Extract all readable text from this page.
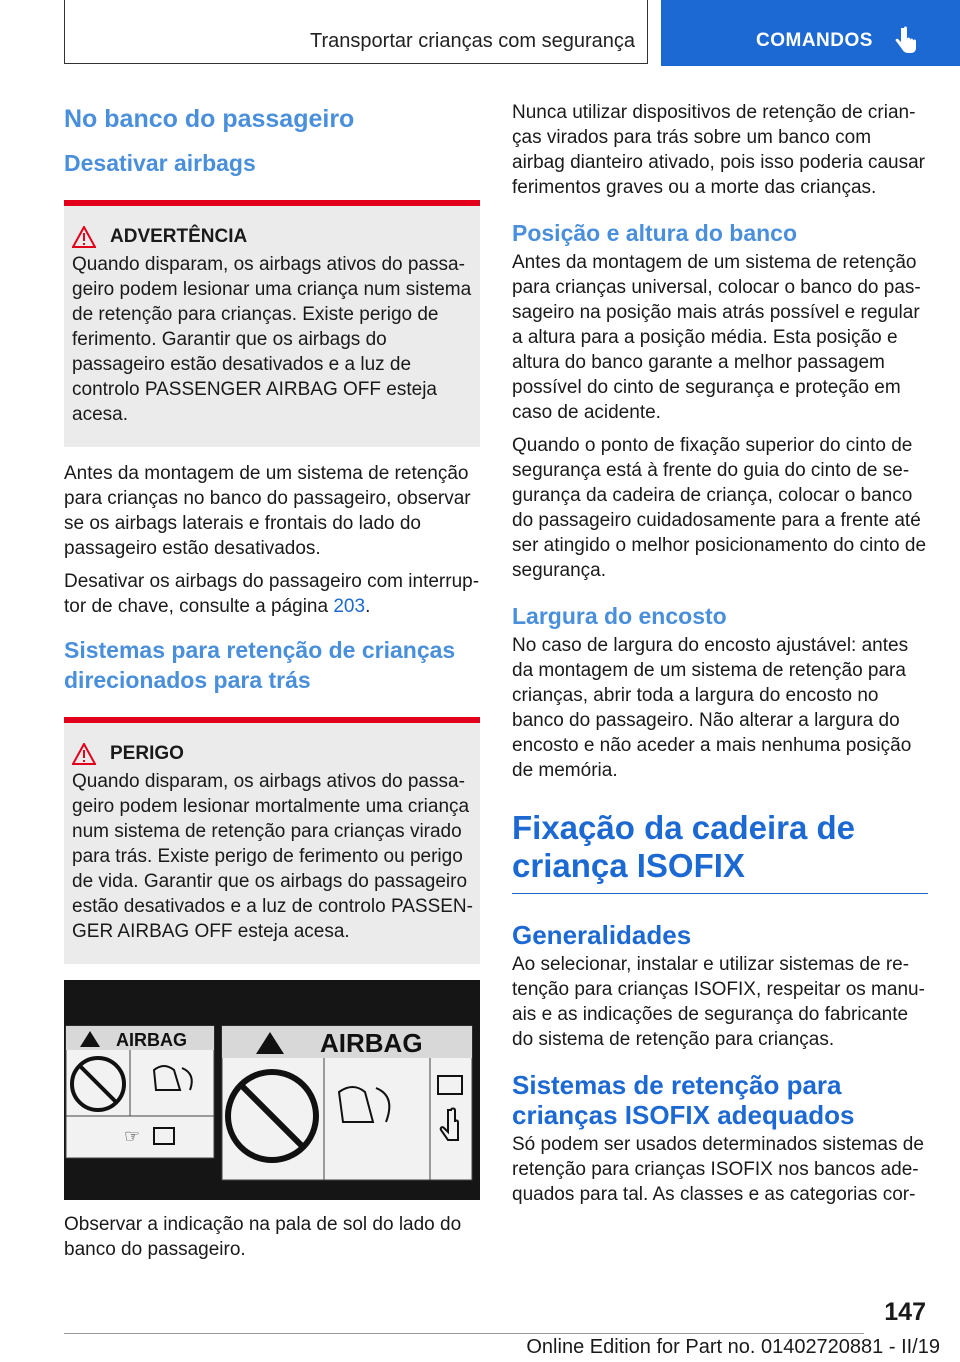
Transportar crianças com segurança	COMANDOS
No banco do passageiro
Desativar airbags
ADVERTÊNCIA

Quando disparam, os airbags ativos do passageiro podem lesionar uma criança num sistema de retenção para crianças. Existe perigo de ferimento. Garantir que os airbags do passageiro estão desativados e a luz de controlo PASSENGER AIRBAG OFF esteja acesa.

Antes da montagem de um sistema de retenção para crianças no banco do passageiro, observar se os airbags laterais e frontais do lado do passageiro estão desativados.

Desativar os airbags do passageiro com interruptor de chave, consulte a página 203.

Sistemas para retenção de crianças direcionados para trás
PERIGO

Quando disparam, os airbags ativos do passageiro podem lesionar mortalmente uma criança num sistema de retenção para crianças virado para trás. Existe perigo de ferimento ou perigo de vida. Garantir que os airbags do passageiro estão desativados e a luz de controlo PASSENGER AIRBAG OFF esteja acesa.

AIRBAG
☞
AIRBAG

Observar a indicação na pala de sol do lado do banco do passageiro.

Nunca utilizar dispositivos de retenção de crianças virados para trás sobre um banco com airbag dianteiro ativado, pois isso poderia causar ferimentos graves ou a morte das crianças.

Posição e altura do banco

Antes da montagem de um sistema de retenção para crianças universal, colocar o banco do passageiro na posição mais atrás possível e regular a altura para a posição média. Esta posição e altura do banco garante a melhor passagem possível do cinto de segurança e proteção em caso de acidente.

Quando o ponto de fixação superior do cinto de segurança está à frente do guia do cinto de segurança da cadeira de criança, colocar o banco do passageiro cuidadosamente para a frente até ser atingido o melhor posicionamento do cinto de segurança.

Largura do encosto

No caso de largura do encosto ajustável: antes da montagem de um sistema de retenção para crianças, abrir toda a largura do encosto no banco do passageiro. Não alterar a largura do encosto e não aceder a mais nenhuma posição de memória.

Fixação da cadeira de criança ISOFIX
Generalidades

Ao selecionar, instalar e utilizar sistemas de retenção para crianças ISOFIX, respeitar os manuais e as indicações de segurança do fabricante do sistema de retenção para crianças.

Sistemas de retenção para crianças ISOFIX adequados

Só podem ser usados determinados sistemas de retenção para crianças ISOFIX nos bancos adequados para tal. As classes e as categorias cor-

147
Online Edition for Part no. 01402720881 - II/19
